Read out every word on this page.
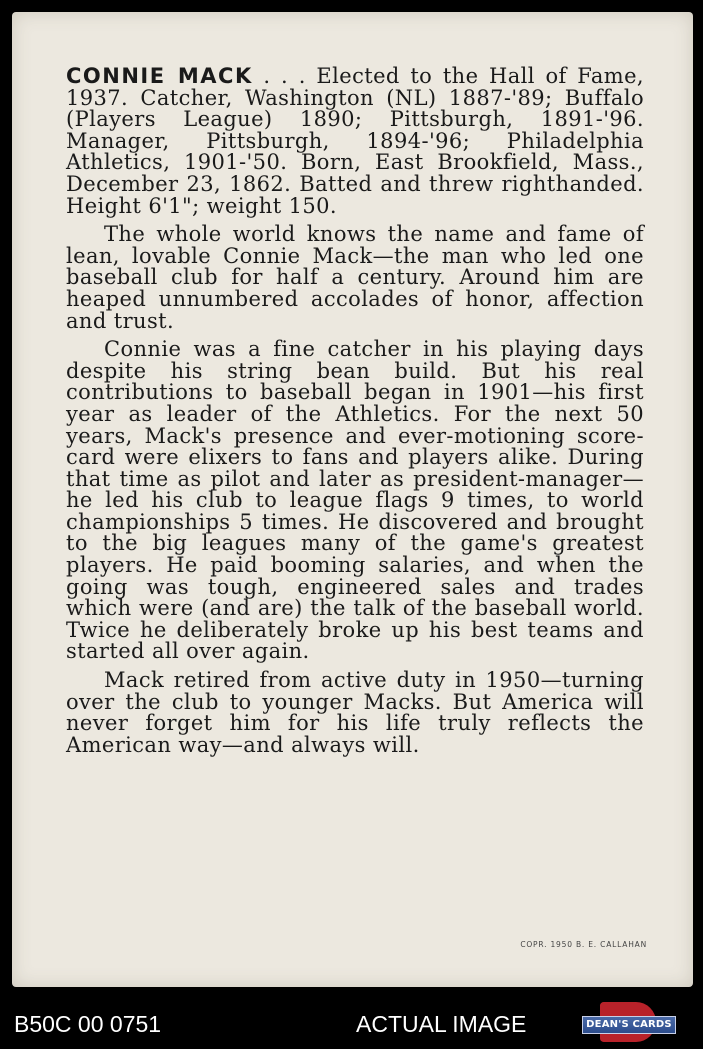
CONNIE MACK . . . Elected to the Hall of Fame, 1937. Catcher, Washington (NL) 1887-'89; Buffalo (Players League) 1890; Pittsburgh, 1891-'96. Manager, Pittsburgh, 1894-'96; Philadelphia Athletics, 1901-'50. Born, East Brookfield, Mass., December 23, 1862. Batted and threw righthanded. Height 6'1"; weight 150.

The whole world knows the name and fame of lean, lovable Connie Mack—the man who led one baseball club for half a century. Around him are heaped unnumbered accolades of honor, affection and trust.

Connie was a fine catcher in his playing days despite his string bean build. But his real contributions to baseball began in 1901—his first year as leader of the Athletics. For the next 50 years, Mack's presence and ever-motioning score-card were elixers to fans and players alike. During that time as pilot and later as president-manager—he led his club to league flags 9 times, to world championships 5 times. He discovered and brought to the big leagues many of the game's greatest players. He paid booming salaries, and when the going was tough, engineered sales and trades which were (and are) the talk of the baseball world. Twice he deliberately broke up his best teams and started all over again.

Mack retired from active duty in 1950—turning over the club to younger Macks. But America will never forget him for his life truly reflects the American way—and always will.

COPR. 1950 B. E. CALLAHAN
B50C 00 0751	ACTUAL IMAGE	DEAN'S CARDS
